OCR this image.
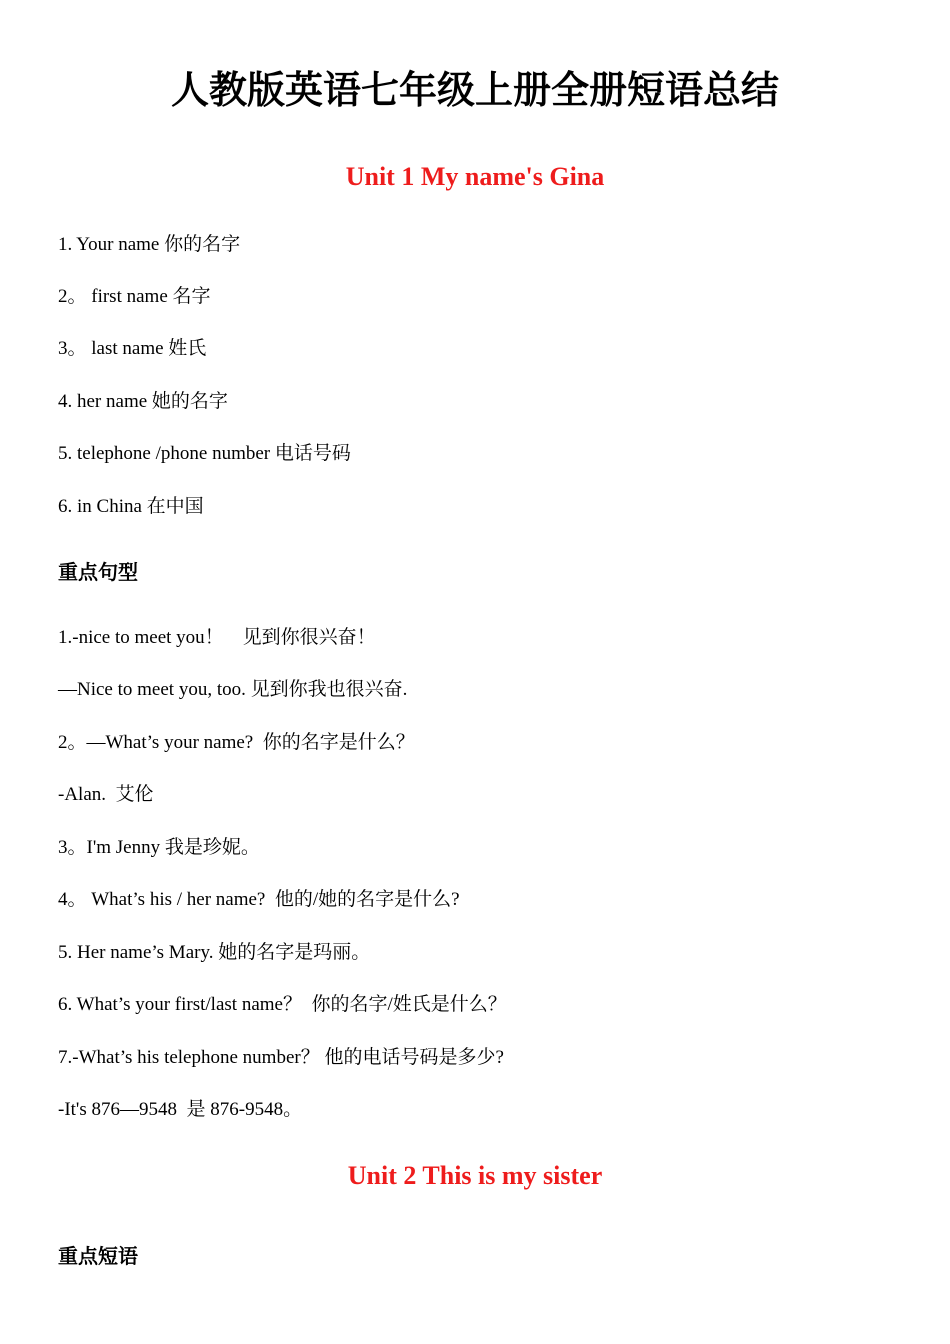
人教版英语七年级上册全册短语总结
Unit 1 My name's Gina

1. Your name 你的名字

2。 first name 名字

3。 last name 姓氏

4. her name 她的名字

5. telephone /phone number 电话号码

6. in China 在中国

重点句型

1.-nice to meet you！    见到你很兴奋！

—Nice to meet you, too. 见到你我也很兴奋.

2。—What’s your name?  你的名字是什么？

-Alan.  艾伦

3。I'm Jenny 我是珍妮。

4。 What’s his / her name?  他的/她的名字是什么?

5. Her name’s Mary. 她的名字是玛丽。

6. What’s your first/last name？  你的名字/姓氏是什么？

7.-What’s his telephone number？ 他的电话号码是多少?

-It's 876—9548  是 876-9548。

Unit 2 This is my sister
重点短语
